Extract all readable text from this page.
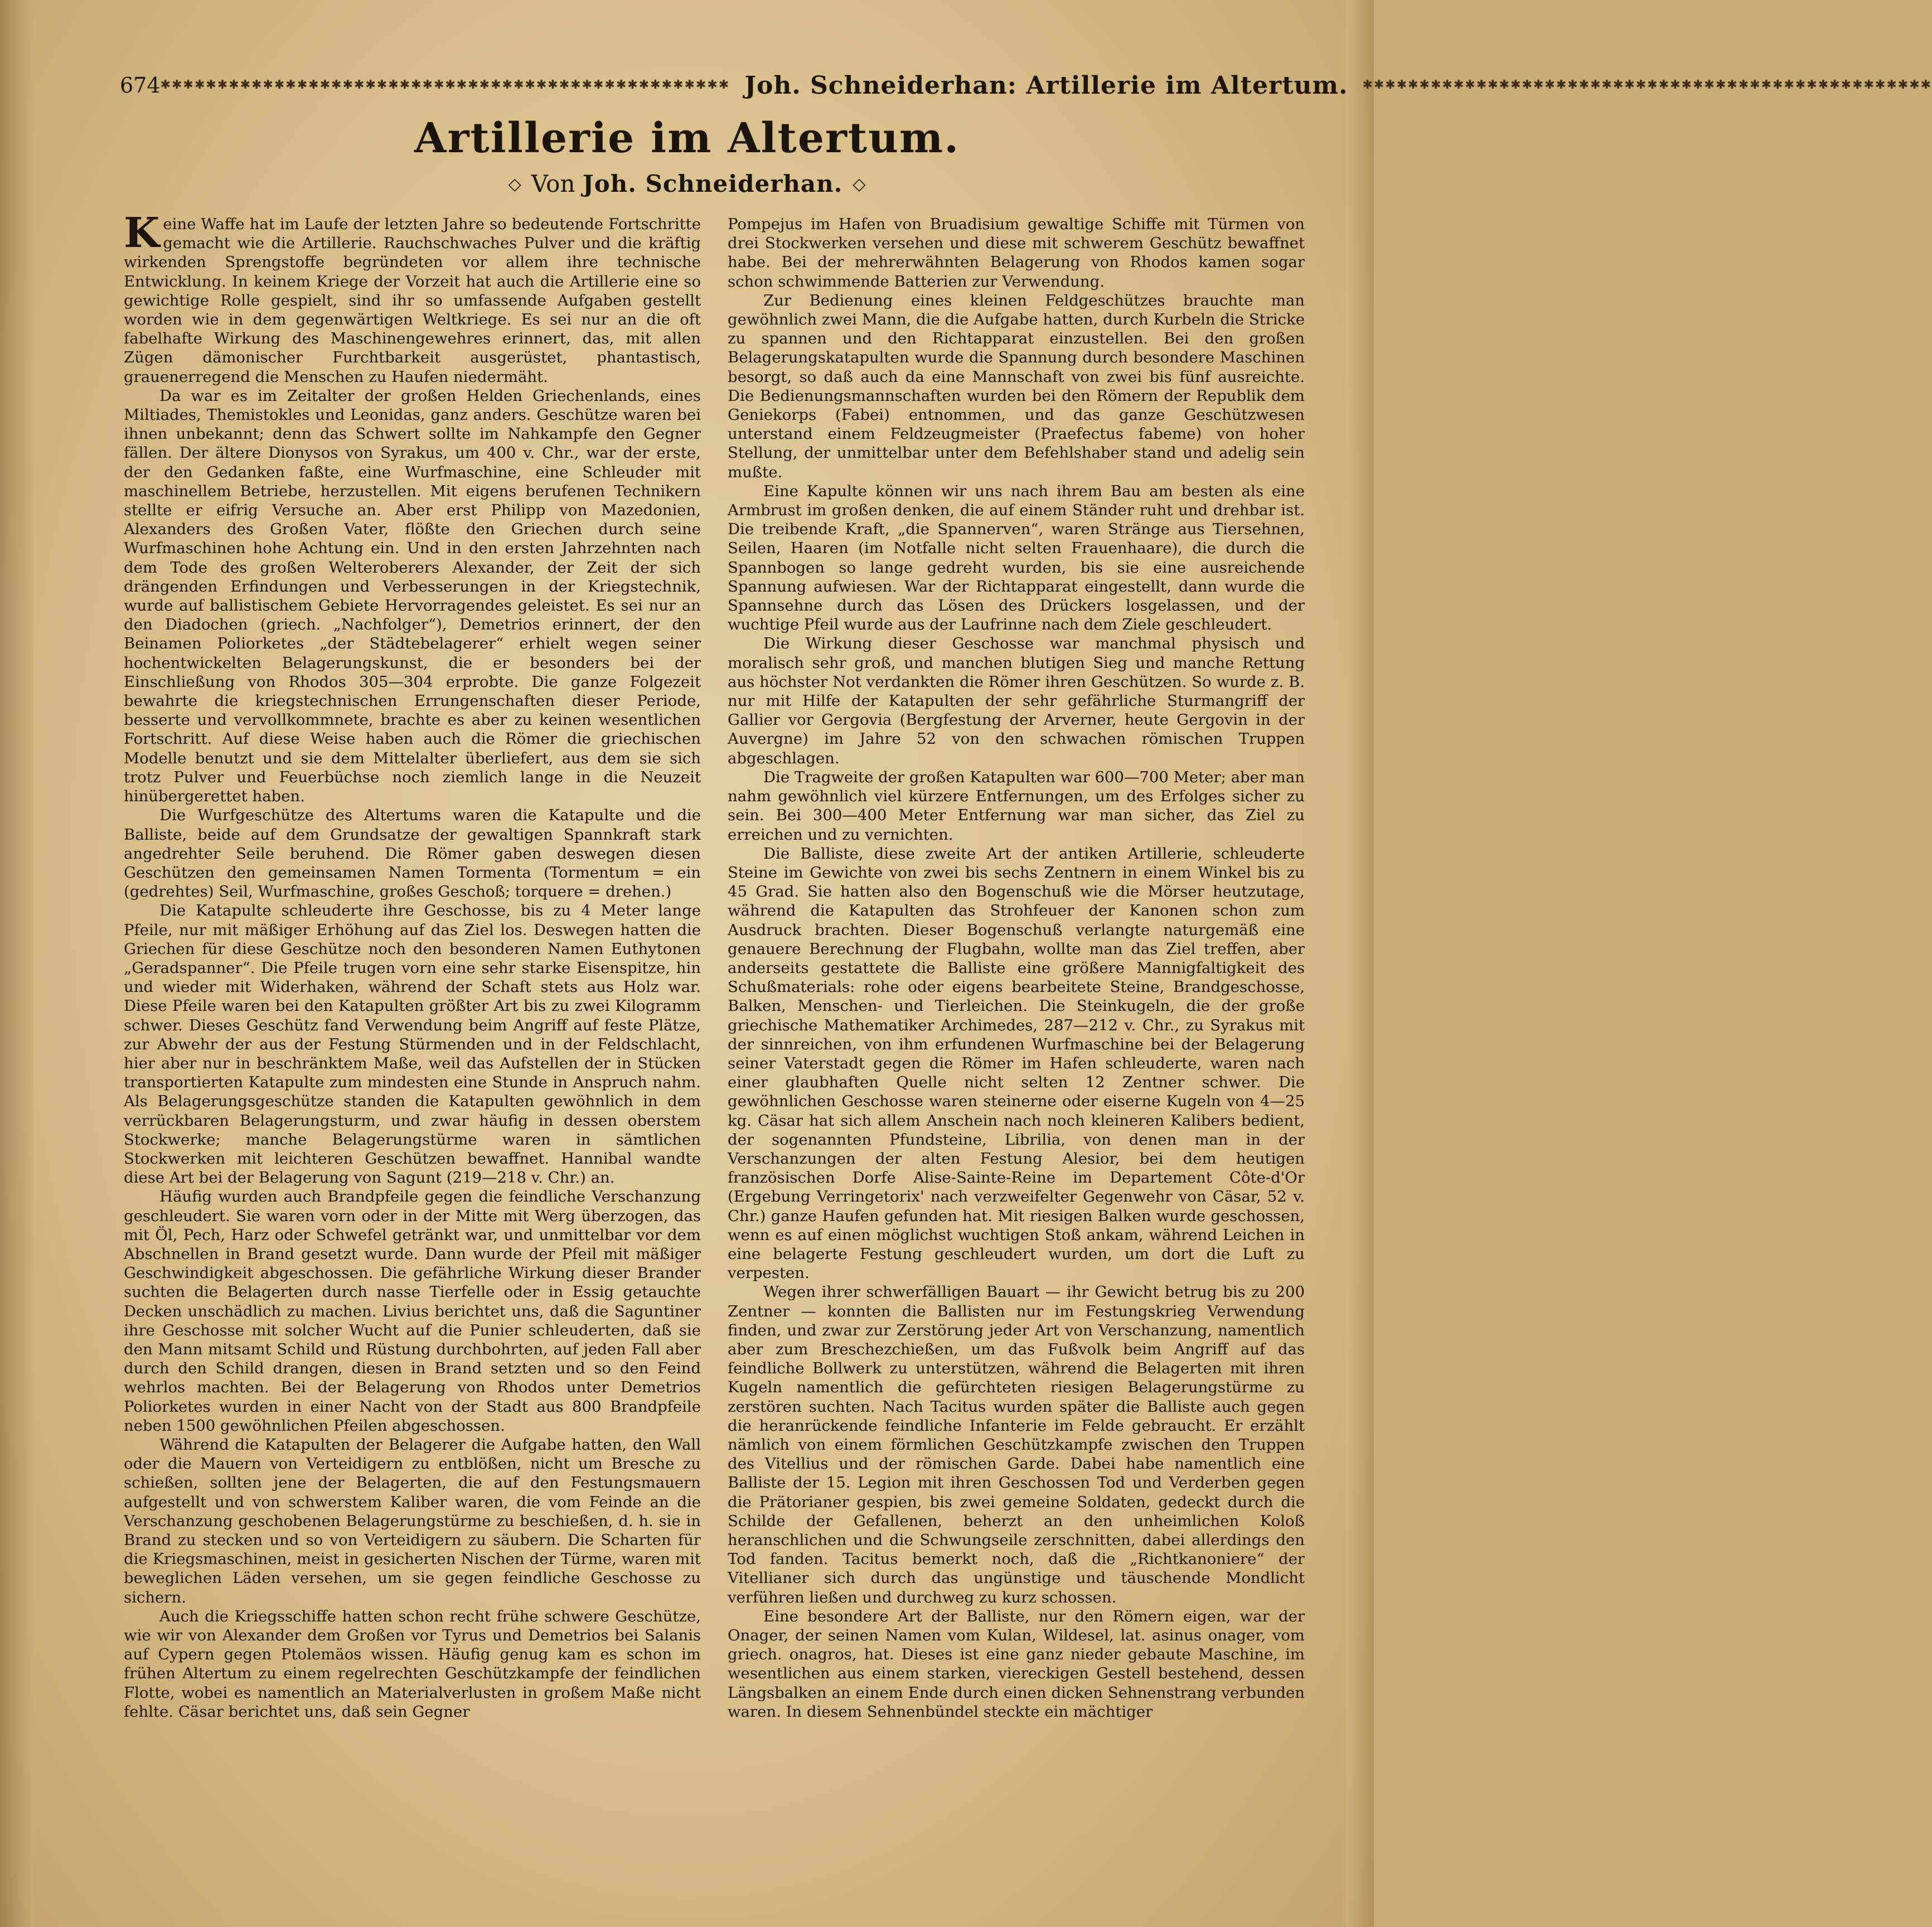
674 ✱✱✱✱✱✱✱✱✱✱✱✱✱✱✱✱✱✱✱✱✱✱✱✱✱✱✱✱✱✱✱✱✱✱✱✱✱✱✱✱✱✱✱✱✱✱✱✱✱✱ Joh. Schneiderhan: Artillerie im Altertum.	✱✱✱✱✱✱✱✱✱✱✱✱✱✱✱✱✱✱✱✱✱✱✱✱✱✱✱✱✱✱✱✱✱✱✱✱✱✱✱✱✱✱✱✱✱✱✱✱✱✱
Artillerie im Altertum.
◇ Von Joh. Schneiderhan. ◇

Keine Waffe hat im Laufe der letzten Jahre so bedeutende Fortschritte gemacht wie die Artillerie. Rauchschwaches Pulver und die kräftig wirkenden Sprengstoffe begründeten vor allem ihre technische Entwicklung. In keinem Kriege der Vorzeit hat auch die Artillerie eine so gewichtige Rolle gespielt, sind ihr so umfassende Aufgaben gestellt worden wie in dem gegenwärtigen Weltkriege. Es sei nur an die oft fabelhafte Wirkung des Maschinengewehres erinnert, das, mit allen Zügen dämonischer Furchtbarkeit ausgerüstet, phantastisch, grauenerregend die Menschen zu Haufen niedermäht.

Da war es im Zeitalter der großen Helden Griechenlands, eines Miltiades, Themistokles und Leonidas, ganz anders. Geschütze waren bei ihnen unbekannt; denn das Schwert sollte im Nahkampfe den Gegner fällen. Der ältere Dionysos von Syrakus, um 400 v. Chr., war der erste, der den Gedanken faßte, eine Wurfmaschine, eine Schleuder mit maschinellem Betriebe, herzustellen. Mit eigens berufenen Technikern stellte er eifrig Versuche an. Aber erst Philipp von Mazedonien, Alexanders des Großen Vater, flößte den Griechen durch seine Wurfmaschinen hohe Achtung ein. Und in den ersten Jahrzehnten nach dem Tode des großen Welteroberers Alexander, der Zeit der sich drängenden Erfindungen und Verbesserungen in der Kriegstechnik, wurde auf ballistischem Gebiete Hervorragendes geleistet. Es sei nur an den Diadochen (griech. „Nachfolger“), Demetrios erinnert, der den Beinamen Poliorketes „der Städtebelagerer“ erhielt wegen seiner hochentwickelten Belagerungskunst, die er besonders bei der Einschließung von Rhodos 305—304 erprobte. Die ganze Folgezeit bewahrte die kriegstechnischen Errungenschaften dieser Periode, besserte und vervollkommnete, brachte es aber zu keinen wesentlichen Fortschritt. Auf diese Weise haben auch die Römer die griechischen Modelle benutzt und sie dem Mittelalter überliefert, aus dem sie sich trotz Pulver und Feuerbüchse noch ziemlich lange in die Neuzeit hinübergerettet haben.

Die Wurfgeschütze des Altertums waren die Katapulte und die Balliste, beide auf dem Grundsatze der gewaltigen Spannkraft stark angedrehter Seile beruhend. Die Römer gaben deswegen diesen Geschützen den gemeinsamen Namen Tormenta (Tormentum = ein (gedrehtes) Seil, Wurfmaschine, großes Geschoß; torquere = drehen.)

Die Katapulte schleuderte ihre Geschosse, bis zu 4 Meter lange Pfeile, nur mit mäßiger Erhöhung auf das Ziel los. Deswegen hatten die Griechen für diese Geschütze noch den besonderen Namen Euthytonen „Geradspanner“. Die Pfeile trugen vorn eine sehr starke Eisenspitze, hin und wieder mit Widerhaken, während der Schaft stets aus Holz war. Diese Pfeile waren bei den Katapulten größter Art bis zu zwei Kilogramm schwer. Dieses Geschütz fand Verwendung beim Angriff auf feste Plätze, zur Abwehr der aus der Festung Stürmenden und in der Feldschlacht, hier aber nur in beschränktem Maße, weil das Aufstellen der in Stücken transportierten Katapulte zum mindesten eine Stunde in Anspruch nahm. Als Belagerungsgeschütze standen die Katapulten gewöhnlich in dem verrückbaren Belagerungsturm, und zwar häufig in dessen oberstem Stockwerke; manche Belagerungstürme waren in sämtlichen Stockwerken mit leichteren Geschützen bewaffnet. Hannibal wandte diese Art bei der Belagerung von Sagunt (219—218 v. Chr.) an.

Häufig wurden auch Brandpfeile gegen die feindliche Verschanzung geschleudert. Sie waren vorn oder in der Mitte mit Werg überzogen, das mit Öl, Pech, Harz oder Schwefel getränkt war, und unmittelbar vor dem Abschnellen in Brand gesetzt wurde. Dann wurde der Pfeil mit mäßiger Geschwindigkeit abgeschossen. Die gefährliche Wirkung dieser Brander suchten die Belagerten durch nasse Tierfelle oder in Essig getauchte Decken unschädlich zu machen. Livius berichtet uns, daß die Saguntiner ihre Geschosse mit solcher Wucht auf die Punier schleuderten, daß sie den Mann mitsamt Schild und Rüstung durchbohrten, auf jeden Fall aber durch den Schild drangen, diesen in Brand setzten und so den Feind wehrlos machten. Bei der Belagerung von Rhodos unter Demetrios Poliorketes wurden in einer Nacht von der Stadt aus 800 Brandpfeile neben 1500 gewöhnlichen Pfeilen abgeschossen.

Während die Katapulten der Belagerer die Aufgabe hatten, den Wall oder die Mauern von Verteidigern zu entblößen, nicht um Bresche zu schießen, sollten jene der Belagerten, die auf den Festungsmauern aufgestellt und von schwerstem Kaliber waren, die vom Feinde an die Verschanzung geschobenen Belagerungstürme zu beschießen, d. h. sie in Brand zu stecken und so von Verteidigern zu säubern. Die Scharten für die Kriegsmaschinen, meist in gesicherten Nischen der Türme, waren mit beweglichen Läden versehen, um sie gegen feindliche Geschosse zu sichern.

Auch die Kriegsschiffe hatten schon recht frühe schwere Geschütze, wie wir von Alexander dem Großen vor Tyrus und Demetrios bei Salanis auf Cypern gegen Ptolemäos wissen. Häufig genug kam es schon im frühen Altertum zu einem regelrechten Geschützkampfe der feindlichen Flotte, wobei es namentlich an Materialverlusten in großem Maße nicht fehlte. Cäsar berichtet uns, daß sein Gegner

Pompejus im Hafen von Bruadisium gewaltige Schiffe mit Türmen von drei Stockwerken versehen und diese mit schwerem Geschütz bewaffnet habe. Bei der mehrerwähnten Belagerung von Rhodos kamen sogar schon schwimmende Batterien zur Verwendung.

Zur Bedienung eines kleinen Feldgeschützes brauchte man gewöhnlich zwei Mann, die die Aufgabe hatten, durch Kurbeln die Stricke zu spannen und den Richtapparat einzustellen. Bei den großen Belagerungskatapulten wurde die Spannung durch besondere Maschinen besorgt, so daß auch da eine Mannschaft von zwei bis fünf ausreichte. Die Bedienungsmannschaften wurden bei den Römern der Republik dem Geniekorps (Fabei) entnommen, und das ganze Geschützwesen unterstand einem Feldzeugmeister (Praefectus fabeme) von hoher Stellung, der unmittelbar unter dem Befehlshaber stand und adelig sein mußte.

Eine Kapulte können wir uns nach ihrem Bau am besten als eine Armbrust im großen denken, die auf einem Ständer ruht und drehbar ist. Die treibende Kraft, „die Spannerven“, waren Stränge aus Tiersehnen, Seilen, Haaren (im Notfalle nicht selten Frauenhaare), die durch die Spannbogen so lange gedreht wurden, bis sie eine ausreichende Spannung aufwiesen. War der Richtapparat eingestellt, dann wurde die Spannsehne durch das Lösen des Drückers losgelassen, und der wuchtige Pfeil wurde aus der Laufrinne nach dem Ziele geschleudert.

Die Wirkung dieser Geschosse war manchmal physisch und moralisch sehr groß, und manchen blutigen Sieg und manche Rettung aus höchster Not verdankten die Römer ihren Geschützen. So wurde z. B. nur mit Hilfe der Katapulten der sehr gefährliche Sturmangriff der Gallier vor Gergovia (Bergfestung der Arverner, heute Gergovin in der Auvergne) im Jahre 52 von den schwachen römischen Truppen abgeschlagen.

Die Tragweite der großen Katapulten war 600—700 Meter; aber man nahm gewöhnlich viel kürzere Entfernungen, um des Erfolges sicher zu sein. Bei 300—400 Meter Entfernung war man sicher, das Ziel zu erreichen und zu vernichten.

Die Balliste, diese zweite Art der antiken Artillerie, schleuderte Steine im Gewichte von zwei bis sechs Zentnern in einem Winkel bis zu 45 Grad. Sie hatten also den Bogenschuß wie die Mörser heutzutage, während die Katapulten das Strohfeuer der Kanonen schon zum Ausdruck brachten. Dieser Bogenschuß verlangte naturgemäß eine genauere Berechnung der Flugbahn, wollte man das Ziel treffen, aber anderseits gestattete die Balliste eine größere Mannigfaltigkeit des Schußmaterials: rohe oder eigens bearbeitete Steine, Brandgeschosse, Balken, Menschen- und Tierleichen. Die Steinkugeln, die der große griechische Mathematiker Archimedes, 287—212 v. Chr., zu Syrakus mit der sinnreichen, von ihm erfundenen Wurfmaschine bei der Belagerung seiner Vaterstadt gegen die Römer im Hafen schleuderte, waren nach einer glaubhaften Quelle nicht selten 12 Zentner schwer. Die gewöhnlichen Geschosse waren steinerne oder eiserne Kugeln von 4—25 kg. Cäsar hat sich allem Anschein nach noch kleineren Kalibers bedient, der sogenannten Pfundsteine, Librilia, von denen man in der Verschanzungen der alten Festung Alesior, bei dem heutigen französischen Dorfe Alise-Sainte-Reine im Departement Côte-d'Or (Ergebung Verringetorix' nach verzweifelter Gegenwehr von Cäsar, 52 v. Chr.) ganze Haufen gefunden hat. Mit riesigen Balken wurde geschossen, wenn es auf einen möglichst wuchtigen Stoß ankam, während Leichen in eine belagerte Festung geschleudert wurden, um dort die Luft zu verpesten.

Wegen ihrer schwerfälligen Bauart — ihr Gewicht betrug bis zu 200 Zentner — konnten die Ballisten nur im Festungskrieg Verwendung finden, und zwar zur Zerstörung jeder Art von Verschanzung, namentlich aber zum Breschezchießen, um das Fußvolk beim Angriff auf das feindliche Bollwerk zu unterstützen, während die Belagerten mit ihren Kugeln namentlich die gefürchteten riesigen Belagerungstürme zu zerstören suchten. Nach Tacitus wurden später die Balliste auch gegen die heranrückende feindliche Infanterie im Felde gebraucht. Er erzählt nämlich von einem förmlichen Geschützkampfe zwischen den Truppen des Vitellius und der römischen Garde. Dabei habe namentlich eine Balliste der 15. Legion mit ihren Geschossen Tod und Verderben gegen die Prätorianer gespien, bis zwei gemeine Soldaten, gedeckt durch die Schilde der Gefallenen, beherzt an den unheimlichen Koloß heranschlichen und die Schwungseile zerschnitten, dabei allerdings den Tod fanden. Tacitus bemerkt noch, daß die „Richtkanoniere“ der Vitellianer sich durch das ungünstige und täuschende Mondlicht verführen ließen und durchweg zu kurz schossen.

Eine besondere Art der Balliste, nur den Römern eigen, war der Onager, der seinen Namen vom Kulan, Wildesel, lat. asinus onager, vom griech. onagros, hat. Dieses ist eine ganz nieder gebaute Maschine, im wesentlichen aus einem starken, viereckigen Gestell bestehend, dessen Längsbalken an einem Ende durch einen dicken Sehnenstrang verbunden waren. In diesem Sehnenbündel steckte ein mächtiger
